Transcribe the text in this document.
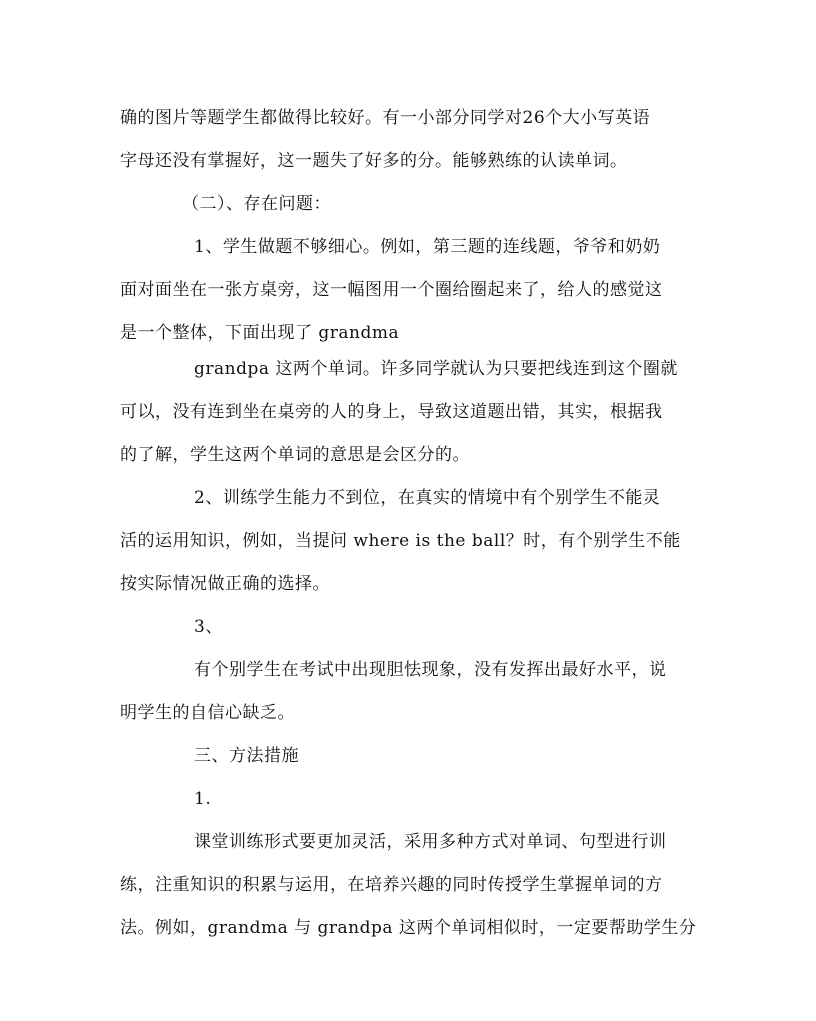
确的图片等题学生都做得比较好。有一小部分同学对26个大小写英语
字母还没有掌握好，这一题失了好多的分。能够熟练的认读单词。
（二）、存在问题：
1、学生做题不够细心。例如，第三题的连线题，爷爷和奶奶
面对面坐在一张方桌旁，这一幅图用一个圈给圈起来了，给人的感觉这
是一个整体，下面出现了 grandma
grandpa 这两个单词。许多同学就认为只要把线连到这个圈就
可以，没有连到坐在桌旁的人的身上，导致这道题出错，其实，根据我
的了解，学生这两个单词的意思是会区分的。
2、训练学生能力不到位，在真实的情境中有个别学生不能灵
活的运用知识，例如，当提问 where is the ball？时，有个别学生不能
按实际情况做正确的选择。
3、
有个别学生在考试中出现胆怯现象，没有发挥出最好水平，说
明学生的自信心缺乏。
三、方法措施
1.
课堂训练形式要更加灵活，采用多种方式对单词、句型进行训
练，注重知识的积累与运用，在培养兴趣的同时传授学生掌握单词的方
法。例如，grandma 与 grandpa 这两个单词相似时，一定要帮助学生分
